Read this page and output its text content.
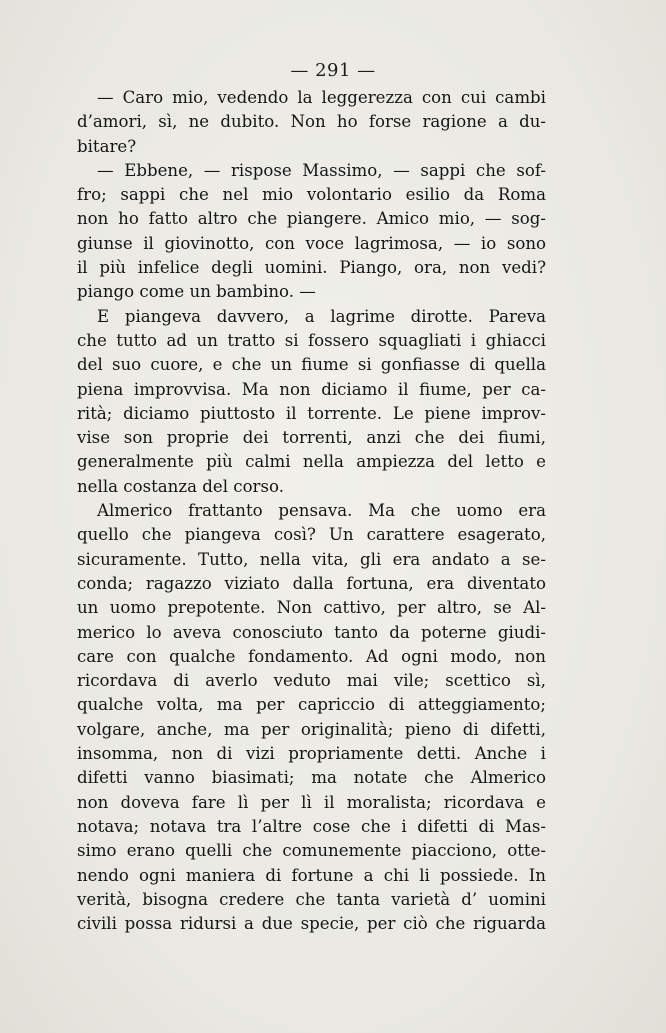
— 291 —
— Caro mio, vedendo la leggerezza con cui cambi
d’amori, sì, ne dubito. Non ho forse ragione a du-
bitare?
— Ebbene, — rispose Massimo, — sappi che sof-
fro; sappi che nel mio volontario esilio da Roma
non ho fatto altro che piangere. Amico mio, — sog-
giunse il giovinotto, con voce lagrimosa, — io sono
il più infelice degli uomini. Piango, ora, non vedi?
piango come un bambino. —
E piangeva davvero, a lagrime dirotte. Pareva
che tutto ad un tratto si fossero squagliati i ghiacci
del suo cuore, e che un fiume si gonfiasse di quella
piena improvvisa. Ma non diciamo il fiume, per ca-
rità; diciamo piuttosto il torrente. Le piene improv-
vise son proprie dei torrenti, anzi che dei fiumi,
generalmente più calmi nella ampiezza del letto e
nella costanza del corso.
Almerico frattanto pensava. Ma che uomo era
quello che piangeva così? Un carattere esagerato,
sicuramente. Tutto, nella vita, gli era andato a se-
conda; ragazzo viziato dalla fortuna, era diventato
un uomo prepotente. Non cattivo, per altro, se Al-
merico lo aveva conosciuto tanto da poterne giudi-
care con qualche fondamento. Ad ogni modo, non
ricordava di averlo veduto mai vile; scettico sì,
qualche volta, ma per capriccio di atteggiamento;
volgare, anche, ma per originalità; pieno di difetti,
insomma, non di vizi propriamente detti. Anche i
difetti vanno biasimati; ma notate che Almerico
non doveva fare lì per lì il moralista; ricordava e
notava; notava tra l’altre cose che i difetti di Mas-
simo erano quelli che comunemente piacciono, otte-
nendo ogni maniera di fortune a chi li possiede. In
verità, bisogna credere che tanta varietà d’ uomini
civili possa ridursi a due specie, per ciò che riguarda
